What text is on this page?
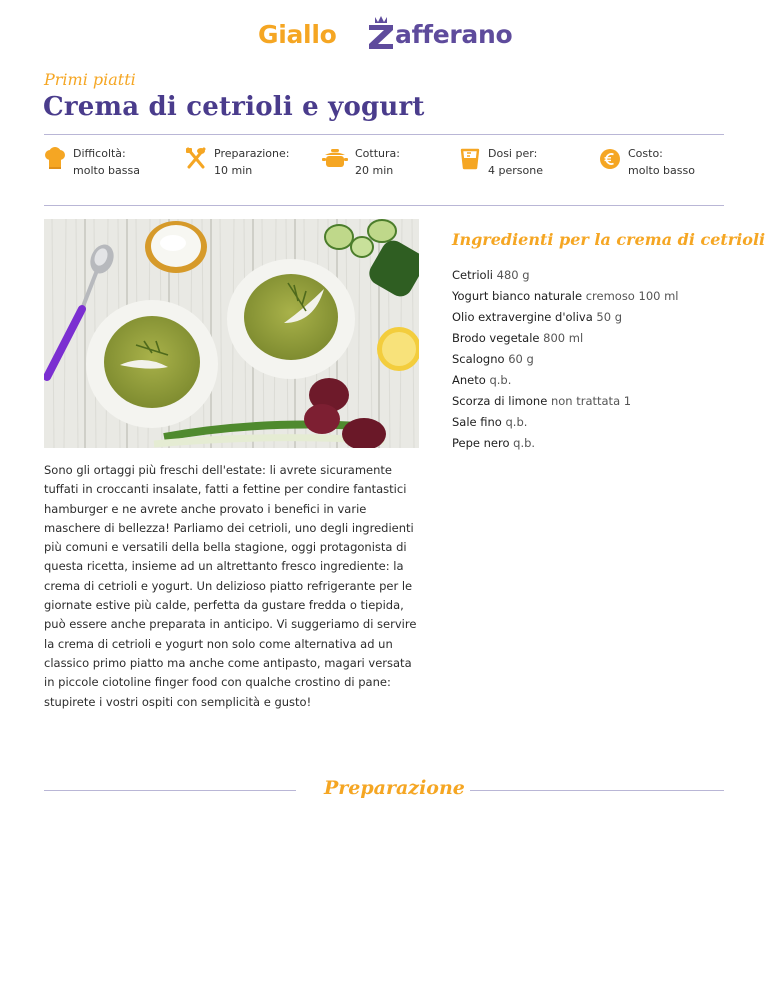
Giallo afferano
Primi piatti
Crema di cetrioli e yogurt
Difficoltà:
molto bassa
Preparazione:
10 min
Cottura:
20 min
Dosi per:
4 persone
Costo:
molto basso
Ingredienti per la crema di cetrioli
Cetrioli 480 g
Yogurt bianco naturale cremoso 100 ml
Olio extravergine d'oliva 50 g
Brodo vegetale 800 ml
Scalogno 60 g
Aneto q.b.
Scorza di limone non trattata 1
Sale fino q.b.
Pepe nero q.b.

Sono gli ortaggi più freschi dell'estate: li avrete sicuramente tuffati in croccanti insalate, fatti a fettine per condire fantastici hamburger e ne avrete anche provato i benefici in varie maschere di bellezza! Parliamo dei cetrioli, uno degli ingredienti più comuni e versatili della bella stagione, oggi protagonista di questa ricetta, insieme ad un altrettanto fresco ingrediente: la crema di cetrioli e yogurt. Un delizioso piatto refrigerante per le giornate estive più calde, perfetta da gustare fredda o tiepida, può essere anche preparata in anticipo. Vi suggeriamo di servire la crema di cetrioli e yogurt non solo come alternativa ad un classico primo piatto ma anche come antipasto, magari versata in piccole ciotoline finger food con qualche crostino di pane: stupirete i vostri ospiti con semplicità e gusto!

Preparazione
